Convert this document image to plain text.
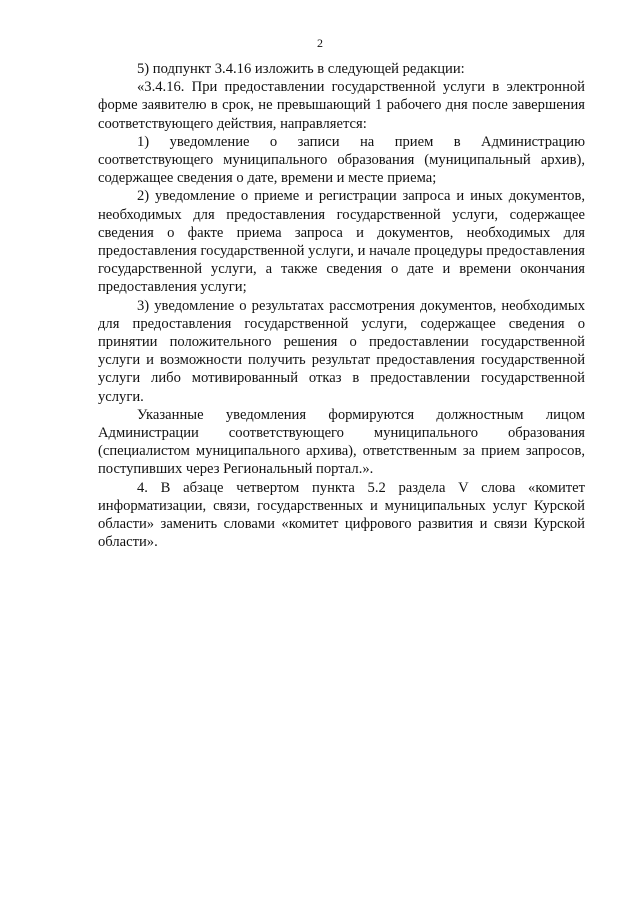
2

5) подпункт 3.4.16 изложить в следующей редакции:

«3.4.16. При предоставлении государственной услуги в электронной форме заявителю в срок, не превышающий 1 рабочего дня после завершения соответствующего действия, направляется:

1) уведомление о записи на прием в Администрацию соответствующего муниципального образования (муниципальный архив), содержащее сведения о дате, времени и месте приема;

2) уведомление о приеме и регистрации запроса и иных документов, необходимых для предоставления государственной услуги, содержащее сведения о факте приема запроса и документов, необходимых для предоставления государственной услуги, и начале процедуры предоставления государственной услуги, а также сведения о дате и времени окончания предоставления услуги;

3) уведомление о результатах рассмотрения документов, необходимых для предоставления государственной услуги, содержащее сведения о принятии положительного решения о предоставлении государственной услуги и возможности получить результат предоставления государственной услуги либо мотивированный отказ в предоставлении государственной услуги.

Указанные уведомления формируются должностным лицом Администрации соответствующего муниципального образования (специалистом муниципального архива), ответственным за прием запросов, поступивших через Региональный портал.».

4. В абзаце четвертом пункта 5.2 раздела V слова «комитет информатизации, связи, государственных и муниципальных услуг Курской области» заменить словами «комитет цифрового развития и связи Курской области».
